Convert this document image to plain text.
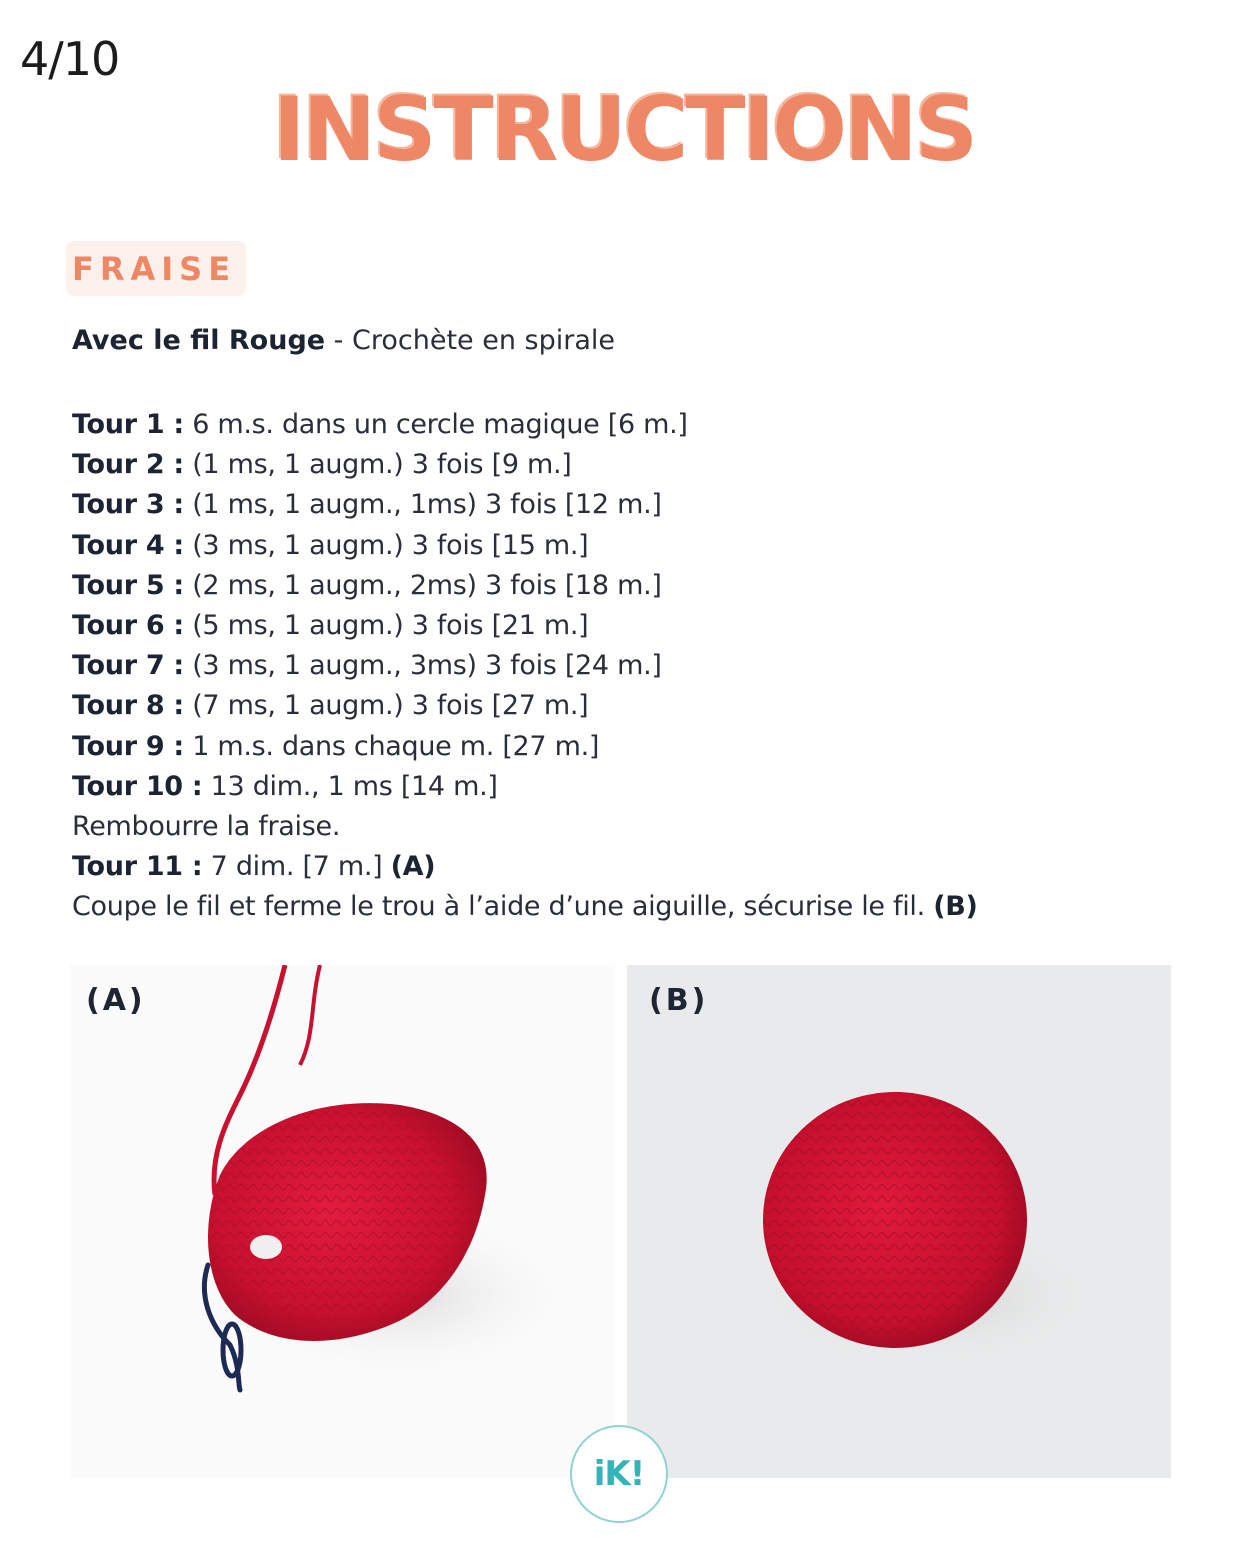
4/10
INSTRUCTIONS
FRAISE
Avec le fil Rouge - Crochète en spirale
Tour 1 : 6 m.s. dans un cercle magique [6 m.]
Tour 2 : (1 ms, 1 augm.) 3 fois [9 m.]
Tour 3 : (1 ms, 1 augm., 1ms) 3 fois [12 m.]
Tour 4 : (3 ms, 1 augm.) 3 fois [15 m.]
Tour 5 : (2 ms, 1 augm., 2ms) 3 fois [18 m.]
Tour 6 : (5 ms, 1 augm.) 3 fois [21 m.]
Tour 7 : (3 ms, 1 augm., 3ms) 3 fois [24 m.]
Tour 8 : (7 ms, 1 augm.) 3 fois [27 m.]
Tour 9 : 1 m.s. dans chaque m. [27 m.]
Tour 10 : 13 dim., 1 ms [14 m.]
Rembourre la fraise.
Tour 11 : 7 dim. [7 m.] (A)
Coupe le fil et ferme le trou à l’aide d’une aiguille, sécurise le fil. (B)
(A)	(B)
iK!
